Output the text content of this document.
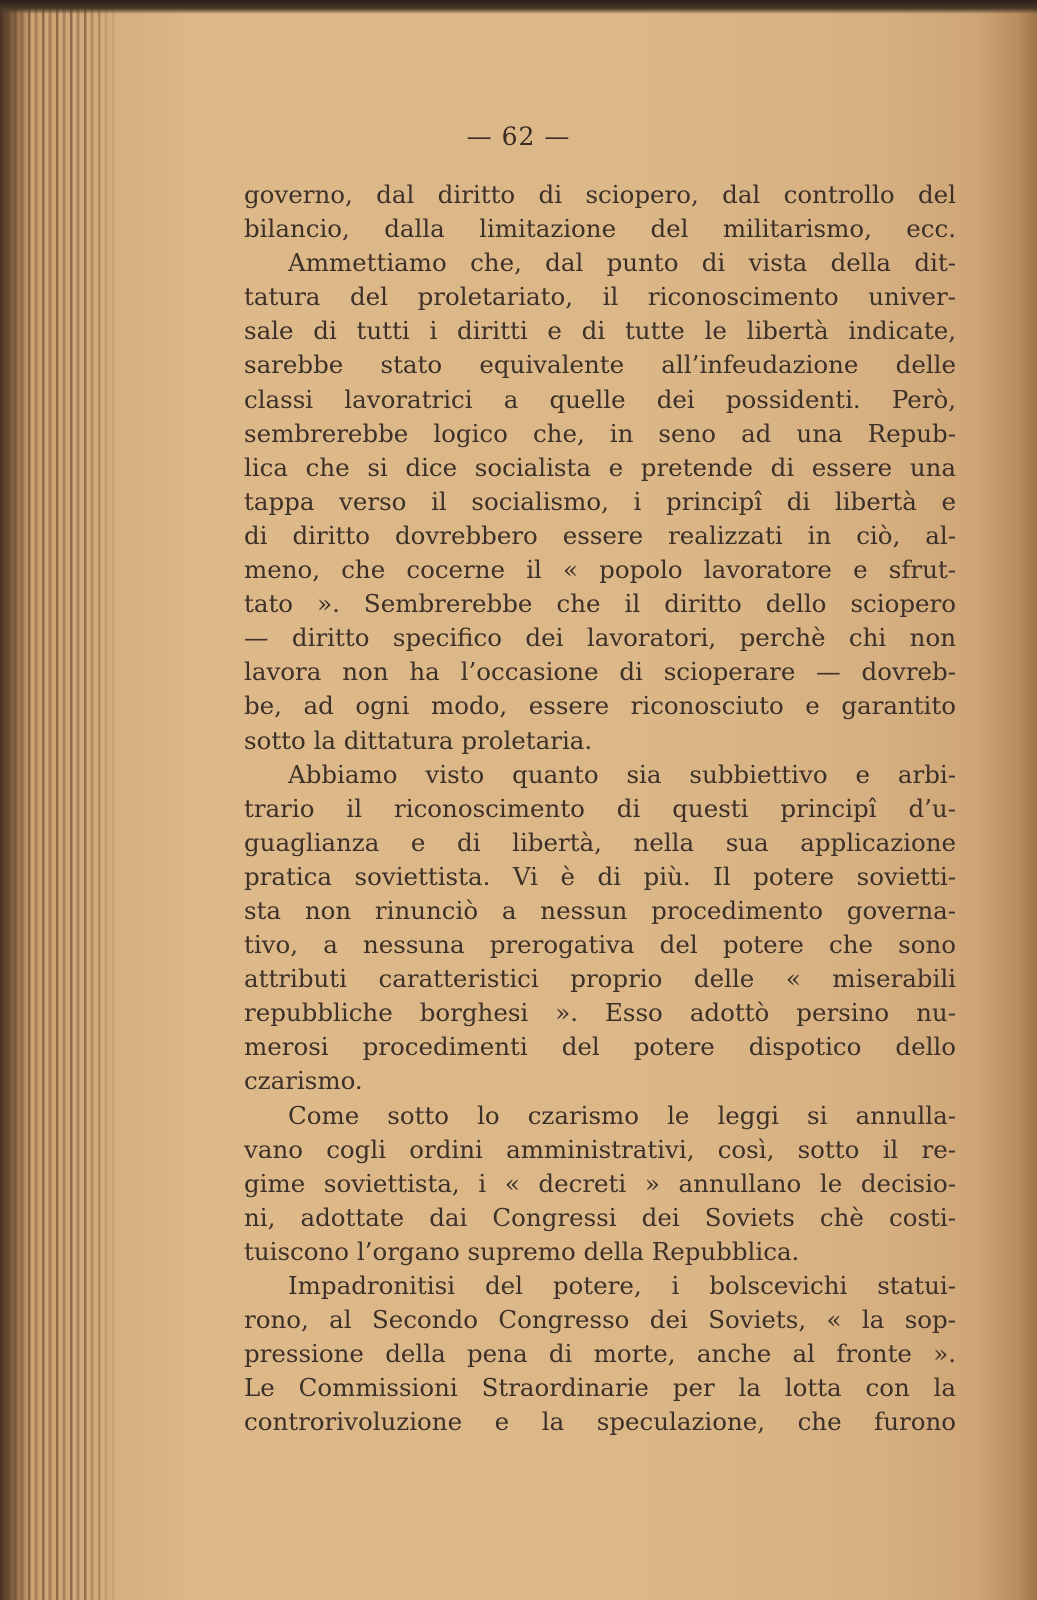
— 62 —
governo, dal diritto di sciopero, dal controllo del
bilancio, dalla limitazione del militarismo, ecc.
Ammettiamo che, dal punto di vista della dit-
tatura del proletariato, il riconoscimento univer-
sale di tutti i diritti e di tutte le libertà indicate,
sarebbe stato equivalente all’infeudazione delle
classi lavoratrici a quelle dei possidenti. Però,
sembrerebbe logico che, in seno ad una Repub-
lica che si dice socialista e pretende di essere una
tappa verso il socialismo, i principî di libertà e
di diritto dovrebbero essere realizzati in ciò, al-
meno, che cocerne il « popolo lavoratore e sfrut-
tato ». Sembrerebbe che il diritto dello sciopero
— diritto specifico dei lavoratori, perchè chi non
lavora non ha l’occasione di scioperare — dovreb-
be, ad ogni modo, essere riconosciuto e garantito
sotto la dittatura proletaria.
Abbiamo visto quanto sia subbiettivo e arbi-
trario il riconoscimento di questi principî d’u-
guaglianza e di libertà, nella sua applicazione
pratica soviettista. Vi è di più. Il potere sovietti-
sta non rinunciò a nessun procedimento governa-
tivo, a nessuna prerogativa del potere che sono
attributi caratteristici proprio delle « miserabili
repubbliche borghesi ». Esso adottò persino nu-
merosi procedimenti del potere dispotico dello
czarismo.
Come sotto lo czarismo le leggi si annulla-
vano cogli ordini amministrativi, così, sotto il re-
gime soviettista, i « decreti » annullano le decisio-
ni, adottate dai Congressi dei Soviets chè costi-
tuiscono l’organo supremo della Repubblica.
Impadronitisi del potere, i bolscevichi statui-
rono, al Secondo Congresso dei Soviets, « la sop-
pressione della pena di morte, anche al fronte ».
Le Commissioni Straordinarie per la lotta con la
controrivoluzione e la speculazione, che furono
